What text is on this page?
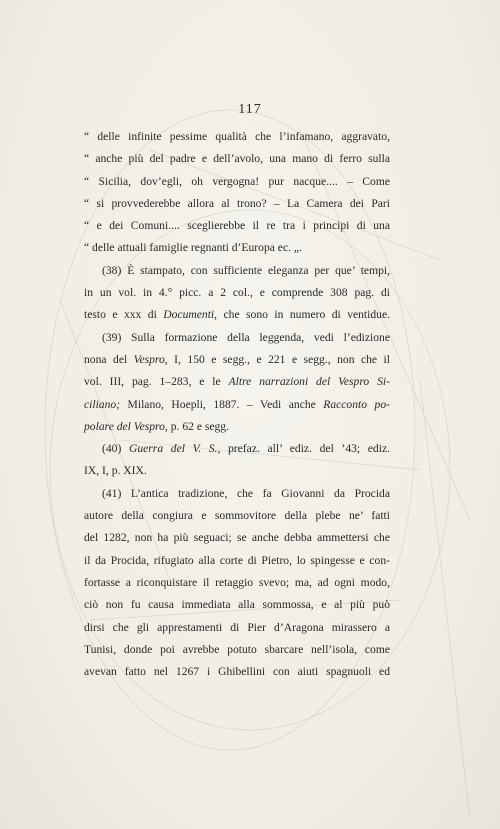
117
“ delle infinite pessime qualità che l’infamano, aggravato,
“ anche più del padre e dell’avolo, una mano di ferro sulla
“ Sicilia, dov’egli, oh vergogna! pur nacque.... – Come
“ si provvederebbe allora al trono? – La Camera dei Pari
“ e dei Comuni.... sceglierebbe il re tra i principi di una
“ delle attuali famiglie regnanti d’Europa ec. „.
(38) È stampato, con sufficiente eleganza per que’ tempi,
in un vol. in 4.° picc. a 2 col., e comprende 308 pag. di
testo e xxx di Documenti, che sono in numero di ventidue.
(39) Sulla formazione della leggenda, vedi l’edizione
nona del Vespro, I, 150 e segg., e 221 e segg., non che il
vol. III, pag. 1–283, e le Altre narrazioni del Vespro Si-
ciliano; Milano, Hoepli, 1887. – Vedi anche Racconto po-
polare del Vespro, p. 62 e segg.
(40) Guerra del V. S., prefaz. all’ ediz. del ’43; ediz.
IX, I, p. XIX.
(41) L’antica tradizione, che fa Giovanni da Procida
autore della congiura e sommovitore della plebe ne’ fatti
del 1282, non ha più seguaci; se anche debba ammettersi che
il da Procida, rifugiato alla corte di Pietro, lo spingesse e con-
fortasse a riconquistare il retaggio svevo; ma, ad ogni modo,
ciò non fu causa immediata alla sommossa, e al più può
dirsi che gli apprestamenti di Pier d’Aragona mirassero a
Tunisi, donde poi avrebbe potuto sbarcare nell’isola, come
avevan fatto nel 1267 i Ghibellini con aiuti spagnuoli ed
